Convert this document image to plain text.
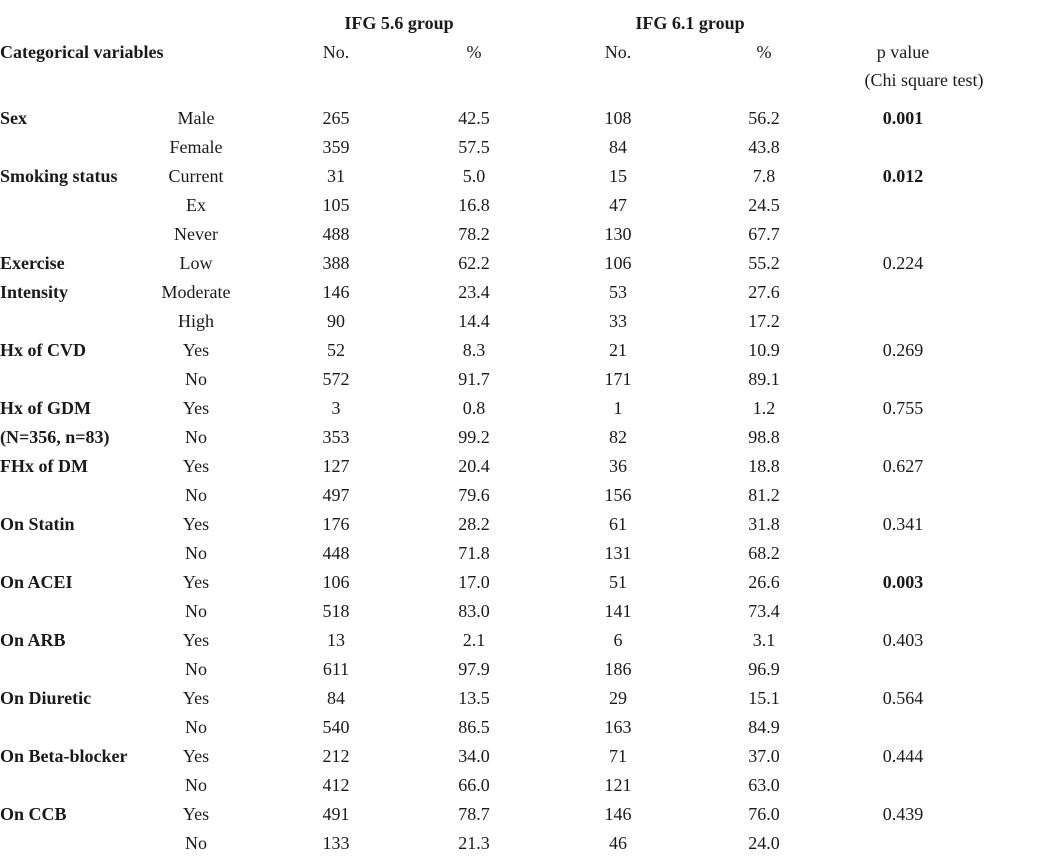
IFG 5.6 group	IFG 6.1 group
Categorical variables	No.	%	No.	%	p value
(Chi square test)
Sex	Male	265	42.5	108	56.2	0.001
Female	359	57.5	84	43.8
Smoking status	Current	31	5.0	15	7.8	0.012
Ex	105	16.8	47	24.5
Never	488	78.2	130	67.7
Exercise	Low	388	62.2	106	55.2	0.224
Intensity	Moderate	146	23.4	53	27.6
High	90	14.4	33	17.2
Hx of CVD	Yes	52	8.3	21	10.9	0.269
No	572	91.7	171	89.1
Hx of GDM	Yes	3	0.8	1	1.2	0.755
(N=356, n=83)	No	353	99.2	82	98.8
FHx of DM	Yes	127	20.4	36	18.8	0.627
No	497	79.6	156	81.2
On Statin	Yes	176	28.2	61	31.8	0.341
No	448	71.8	131	68.2
On ACEI	Yes	106	17.0	51	26.6	0.003
No	518	83.0	141	73.4
On ARB	Yes	13	2.1	6	3.1	0.403
No	611	97.9	186	96.9
On Diuretic	Yes	84	13.5	29	15.1	0.564
No	540	86.5	163	84.9
On Beta-blocker	Yes	212	34.0	71	37.0	0.444
No	412	66.0	121	63.0
On CCB	Yes	491	78.7	146	76.0	0.439
No	133	21.3	46	24.0
